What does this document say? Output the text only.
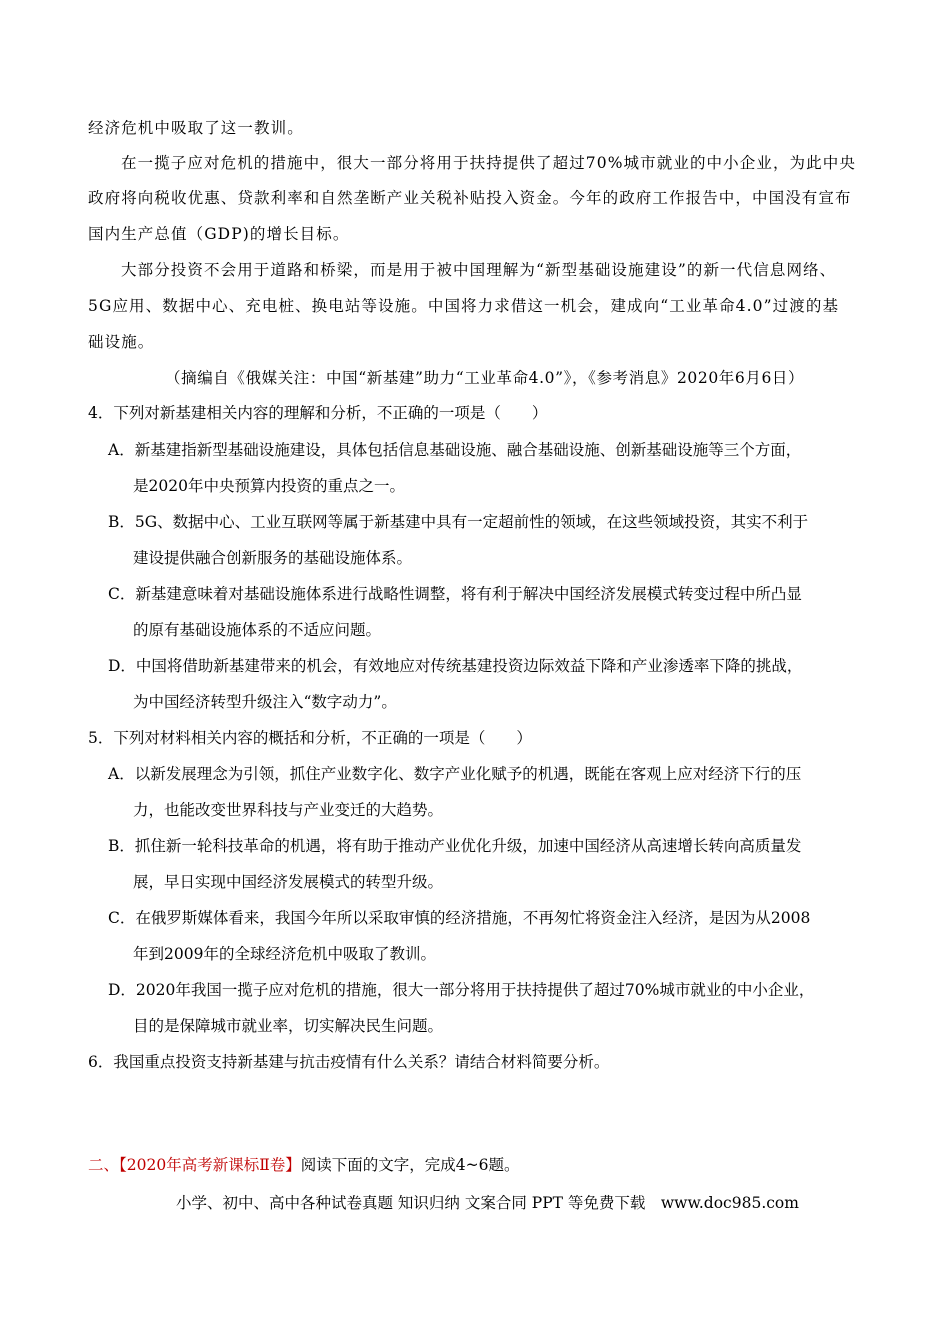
经济危机中吸取了这一教训。
在一揽子应对危机的措施中，很大一部分将用于扶持提供了超过70%城市就业的中小企业，为此中央
政府将向税收优惠、贷款利率和自然垄断产业关税补贴投入资金。今年的政府工作报告中，中国没有宣布
国内生产总值（GDP)的增长目标。
大部分投资不会用于道路和桥梁，而是用于被中国理解为“新型基础设施建设”的新一代信息网络、
5G应用、数据中心、充电桩、换电站等设施。中国将力求借这一机会，建成向“工业革命4.0”过渡的基
础设施。
（摘编自《俄媒关注：中国“新基建”助力“工业革命4.0”》，《参考消息》2020年6月6日）
4．下列对新基建相关内容的理解和分析，不正确的一项是（　　）
A．新基建指新型基础设施建设，具体包括信息基础设施、融合基础设施、创新基础设施等三个方面，
是2020年中央预算内投资的重点之一。
B．5G、数据中心、工业互联网等属于新基建中具有一定超前性的领域，在这些领域投资，其实不利于
建设提供融合创新服务的基础设施体系。
C．新基建意味着对基础设施体系进行战略性调整，将有利于解决中国经济发展模式转变过程中所凸显
的原有基础设施体系的不适应问题。
D．中国将借助新基建带来的机会，有效地应对传统基建投资边际效益下降和产业渗透率下降的挑战，
为中国经济转型升级注入“数字动力”。
5．下列对材料相关内容的概括和分析，不正确的一项是（　　）
A．以新发展理念为引领，抓住产业数字化、数字产业化赋予的机遇，既能在客观上应对经济下行的压
力，也能改变世界科技与产业变迁的大趋势。
B．抓住新一轮科技革命的机遇，将有助于推动产业优化升级，加速中国经济从高速增长转向高质量发
展，早日实现中国经济发展模式的转型升级。
C．在俄罗斯媒体看来，我国今年所以采取审慎的经济措施，不再匆忙将资金注入经济，是因为从2008
年到2009年的全球经济危机中吸取了教训。
D．2020年我国一揽子应对危机的措施，很大一部分将用于扶持提供了超过70%城市就业的中小企业，
目的是保障城市就业率，切实解决民生问题。
6．我国重点投资支持新基建与抗击疫情有什么关系？请结合材料简要分析。
二、【2020年高考新课标Ⅱ卷】阅读下面的文字，完成4~6题。
小学、初中、高中各种试卷真题 知识归纳 文案合同 PPT 等免费下载　www.doc985.com
